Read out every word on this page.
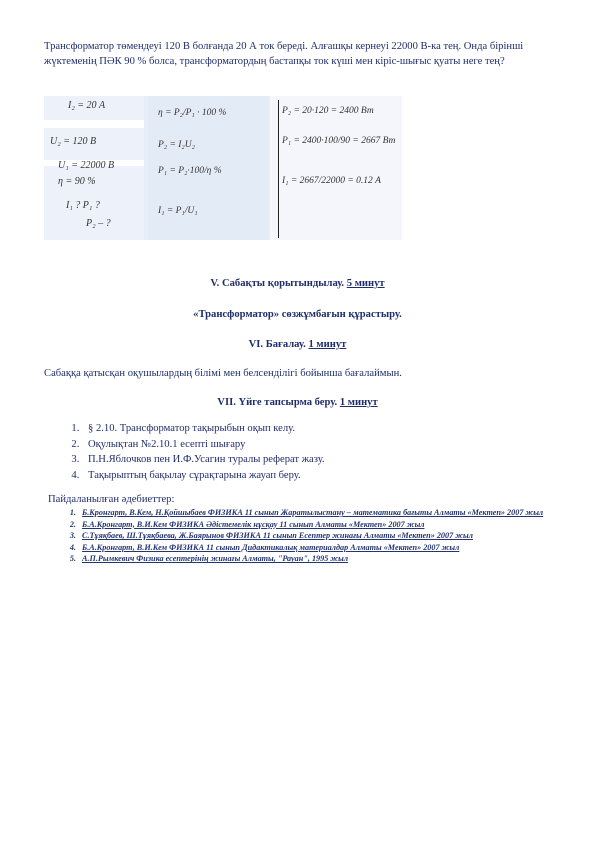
Трансформатор төмендеуі 120 В болғанда 20 А ток береді. Алғашқы кернеуі 22000 В-ка тең. Онда біріншi жүктеменің ПӘК 90 % болса, трансформатордың бастапқы ток күші мен кіріс-шығыс қуаты неге тең?
I₂ = 20 А
U₂ = 120 В
U₁ = 22000 В
η = 90 %
I₁ ? P₁ ?
P₂ – ?
η = P₂/P₁ · 100 %
P₂ = I₂U₂
P₁ = P₂·100/η %
I₁ = P₁/U₁
P₂ = 20·120 = 2400 Вт
P₁ = 2400·100/90 = 2667 Вт
I₁ = 2667/22000 = 0.12 А
V. Сабақты қорытындылау. 5 минут
«Трансформатор» сөзжұмбағын құрастыру.
VI. Бағалау. 1 минут
Сабаққа қатысқан оқушылардың білімі мен белсенділігі бойынша бағалаймын.
VII. Үйге тапсырма беру. 1 минут
1. § 2.10. Трансформатор тақырыбын оқып келу.
2. Оқулықтан №2.10.1 есепті шығару
3. П.Н.Яблочков пен И.Ф.Усагин туралы реферат жазу.
4. Тақырыптың бақылау сұрақтарына жауап беру.
Пайдаланылған әдебиеттер:
1. Б.Кронгарт, В.Кем, Н.Қойшыбаев ФИЗИКА 11 сынып Жаратылыстану – математика бағыты Алматы «Мектеп» 2007 жыл
2. Б.А.Кронгарт, В.И.Кем ФИЗИКА Әдістемелік нұсқау 11 сынып Алматы «Мектеп» 2007 жыл
3. С.Тұяқбаев, Ш.Тұяқбаева, Ж.Баярынов ФИЗИКА 11 сынып Есептер жинағы Алматы «Мектеп» 2007 жыл
4. Б.А.Кронгарт, В.И.Кем ФИЗИКА 11 сынып Дидактикалық материалдар Алматы «Мектеп» 2007 жыл
5. А.П.Рымкевич Физика есептерінің жинағы Алматы, "Рауан", 1995 жыл
